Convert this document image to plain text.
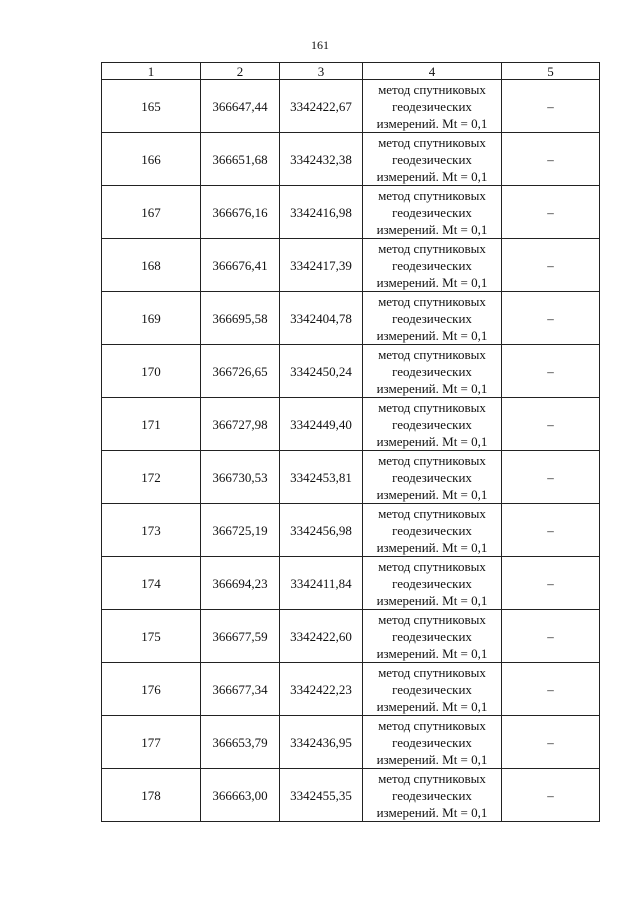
161
1	2	3	4	5
165	366647,44	3342422,67	метод спутниковых
геодезических
измерений. Mt = 0,1	–
166	366651,68	3342432,38	метод спутниковых
геодезических
измерений. Mt = 0,1	–
167	366676,16	3342416,98	метод спутниковых
геодезических
измерений. Mt = 0,1	–
168	366676,41	3342417,39	метод спутниковых
геодезических
измерений. Mt = 0,1	–
169	366695,58	3342404,78	метод спутниковых
геодезических
измерений. Mt = 0,1	–
170	366726,65	3342450,24	метод спутниковых
геодезических
измерений. Mt = 0,1	–
171	366727,98	3342449,40	метод спутниковых
геодезических
измерений. Mt = 0,1	–
172	366730,53	3342453,81	метод спутниковых
геодезических
измерений. Mt = 0,1	–
173	366725,19	3342456,98	метод спутниковых
геодезических
измерений. Mt = 0,1	–
174	366694,23	3342411,84	метод спутниковых
геодезических
измерений. Mt = 0,1	–
175	366677,59	3342422,60	метод спутниковых
геодезических
измерений. Mt = 0,1	–
176	366677,34	3342422,23	метод спутниковых
геодезических
измерений. Mt = 0,1	–
177	366653,79	3342436,95	метод спутниковых
геодезических
измерений. Mt = 0,1	–
178	366663,00	3342455,35	метод спутниковых
геодезических
измерений. Mt = 0,1	–
